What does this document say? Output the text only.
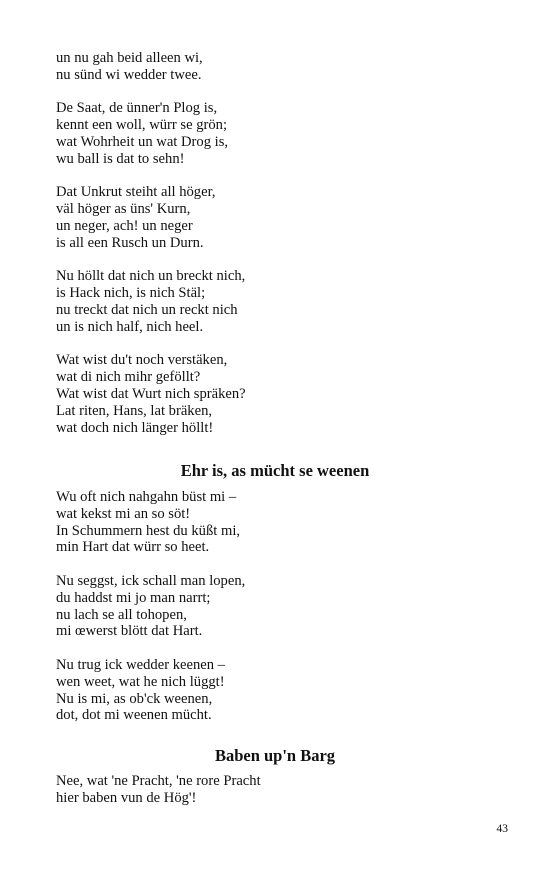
un nu gah beid alleen wi,
nu sünd wi wedder twee.

De Saat, de ünner'n Plog is,
kennt een woll, würr se grön;
wat Wohrheit un wat Drog is,
wu ball is dat to sehn!

Dat Unkrut steiht all höger,
väl höger as üns' Kurn,
un neger, ach! un neger
is all een Rusch un Durn.

Nu höllt dat nich un breckt nich,
is Hack nich, is nich Stäl;
nu treckt dat nich un reckt nich
un is nich half, nich heel.

Wat wist du't noch verstäken,
wat di nich mihr geföllt?
Wat wist dat Wurt nich spräken?
Lat riten, Hans, lat bräken,
wat doch nich länger höllt!

Ehr is, as mücht se weenen

Wu oft nich nahgahn büst mi –
wat kekst mi an so söt!
In Schummern hest du küßt mi,
min Hart dat würr so heet.

Nu seggst, ick schall man lopen,
du haddst mi jo man narrt;
nu lach se all tohopen,
mi œwerst blött dat Hart.

Nu trug ick wedder keenen –
wen weet, wat he nich lüggt!
Nu is mi, as ob'ck weenen,
dot, dot mi weenen mücht.

Baben up'n Barg

Nee, wat 'ne Pracht, 'ne rore Pracht
hier baben vun de Hög'!

43
